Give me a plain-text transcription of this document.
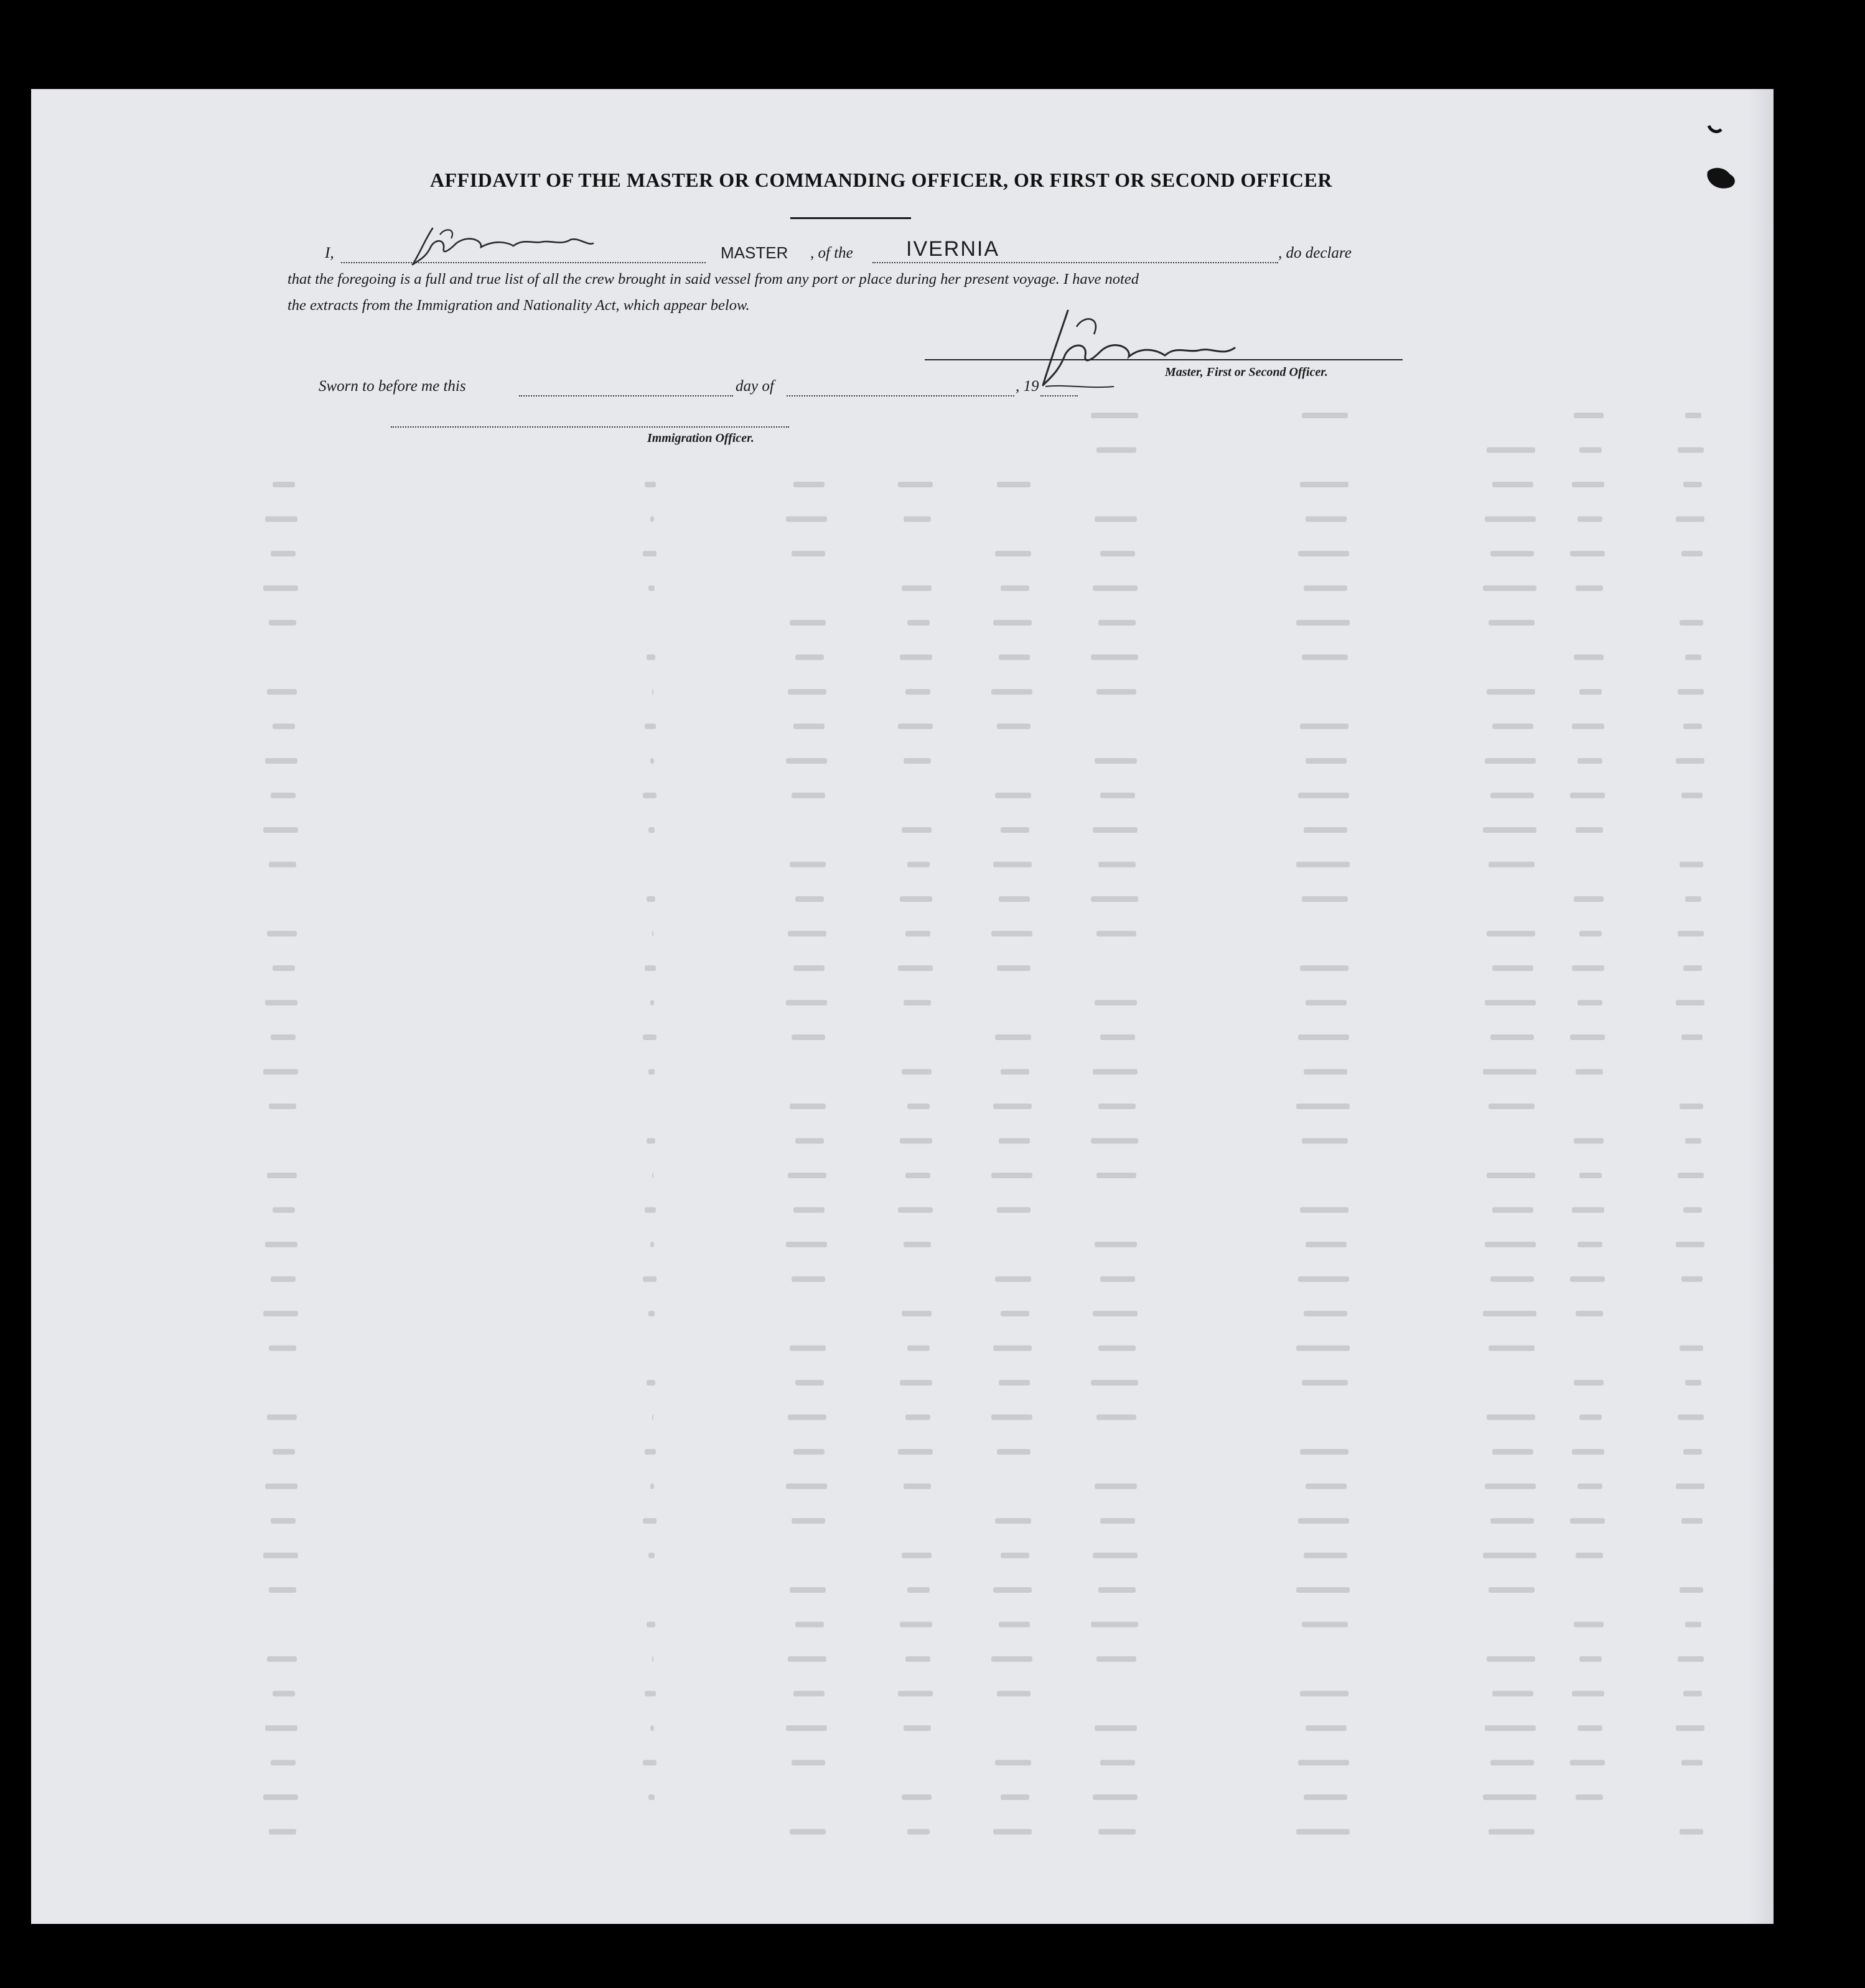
AFFIDAVIT OF THE MASTER OR COMMANDING OFFICER, OR FIRST OR SECOND OFFICER
I,	MASTER , of the	IVERNIA	, do declare
that the foregoing is a full and true list of all the crew brought in said vessel from any port or place during her present voyage. I have noted
the extracts from the Immigration and Nationality Act, which appear below.
Master, First or Second Officer.
Sworn to before me this	day of	, 19
Immigration Officer.
